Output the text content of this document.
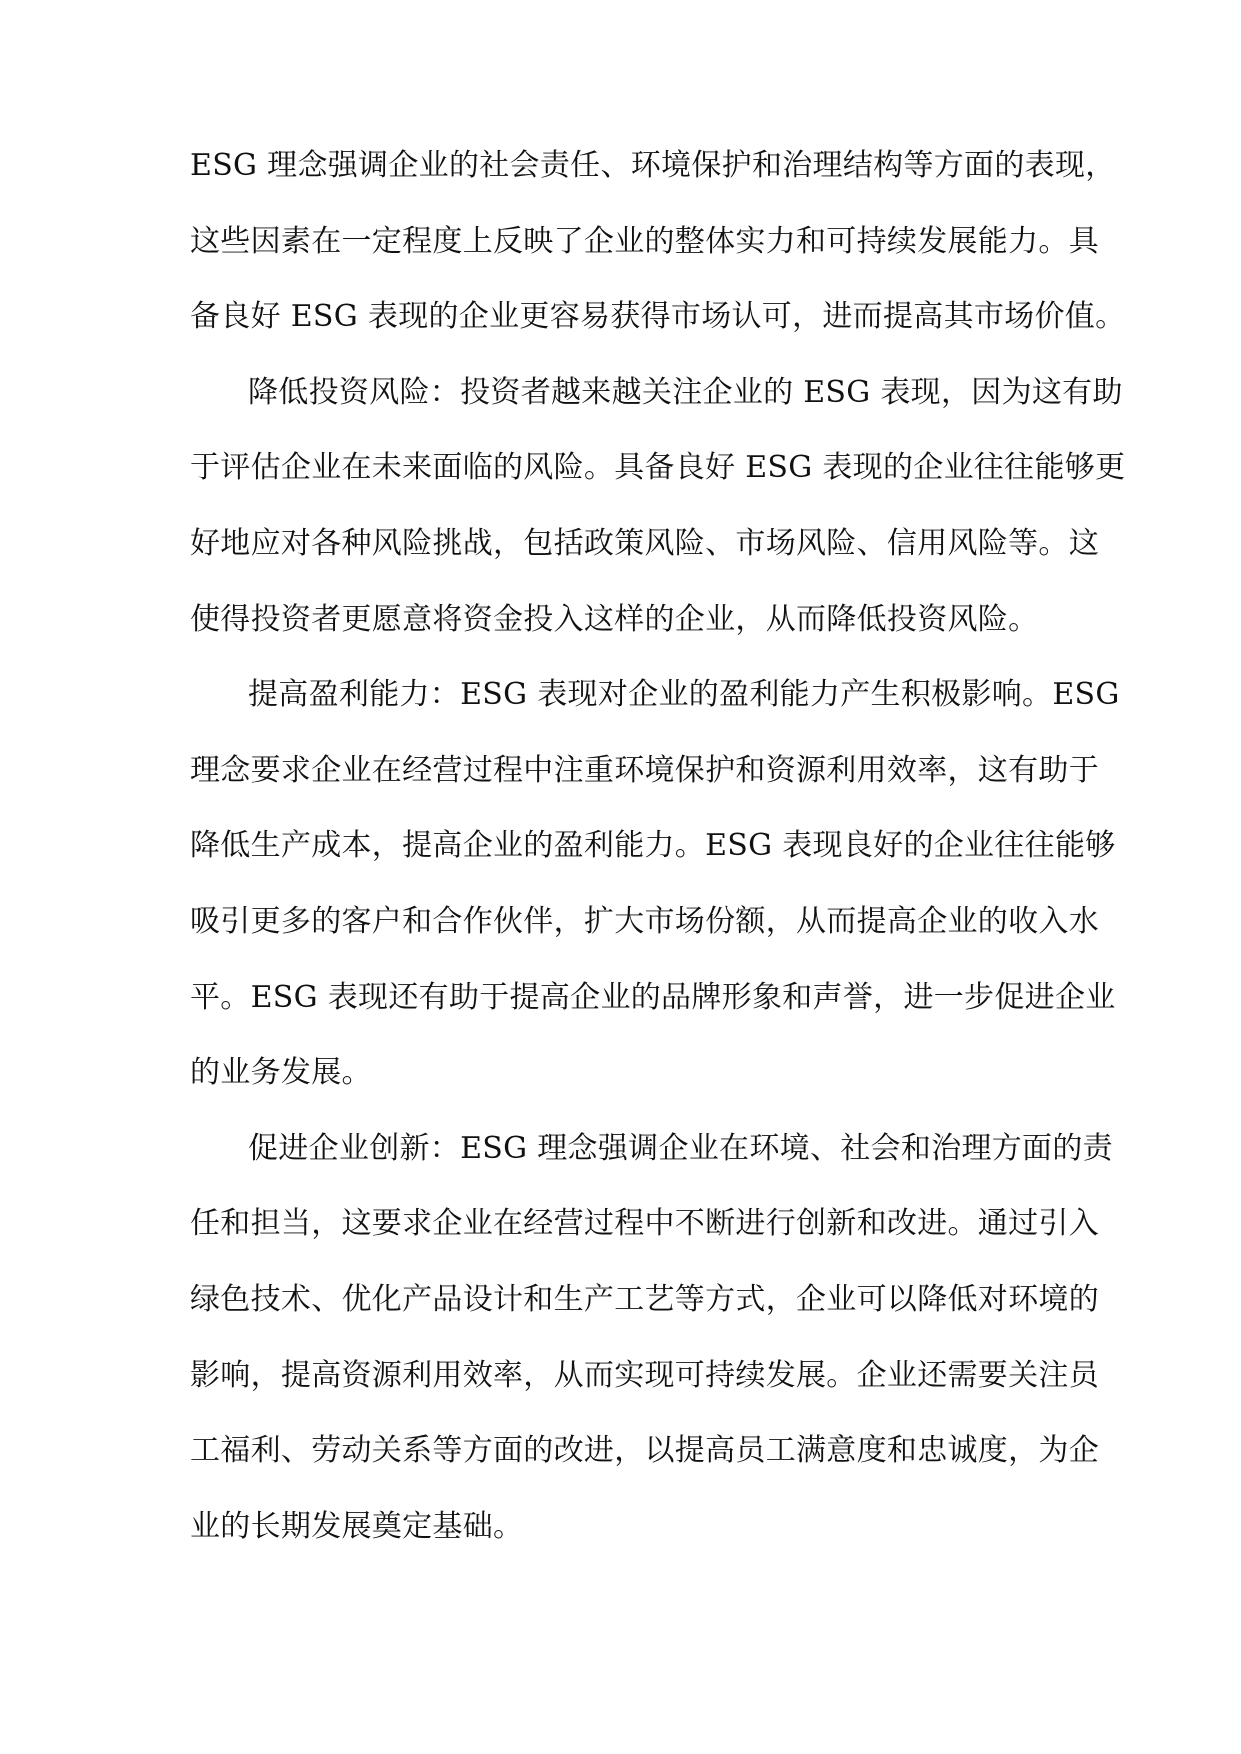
ESG 理念强调企业的社会责任、环境保护和治理结构等方面的表现，
这些因素在一定程度上反映了企业的整体实力和可持续发展能力。具
备良好 ESG 表现的企业更容易获得市场认可，进而提高其市场价值。
降低投资风险：投资者越来越关注企业的 ESG 表现，因为这有助
于评估企业在未来面临的风险。具备良好 ESG 表现的企业往往能够更
好地应对各种风险挑战，包括政策风险、市场风险、信用风险等。这
使得投资者更愿意将资金投入这样的企业，从而降低投资风险。
提高盈利能力：ESG 表现对企业的盈利能力产生积极影响。ESG
理念要求企业在经营过程中注重环境保护和资源利用效率，这有助于
降低生产成本，提高企业的盈利能力。ESG 表现良好的企业往往能够
吸引更多的客户和合作伙伴，扩大市场份额，从而提高企业的收入水
平。ESG 表现还有助于提高企业的品牌形象和声誉，进一步促进企业
的业务发展。
促进企业创新：ESG 理念强调企业在环境、社会和治理方面的责
任和担当，这要求企业在经营过程中不断进行创新和改进。通过引入
绿色技术、优化产品设计和生产工艺等方式，企业可以降低对环境的
影响，提高资源利用效率，从而实现可持续发展。企业还需要关注员
工福利、劳动关系等方面的改进，以提高员工满意度和忠诚度，为企
业的长期发展奠定基础。
